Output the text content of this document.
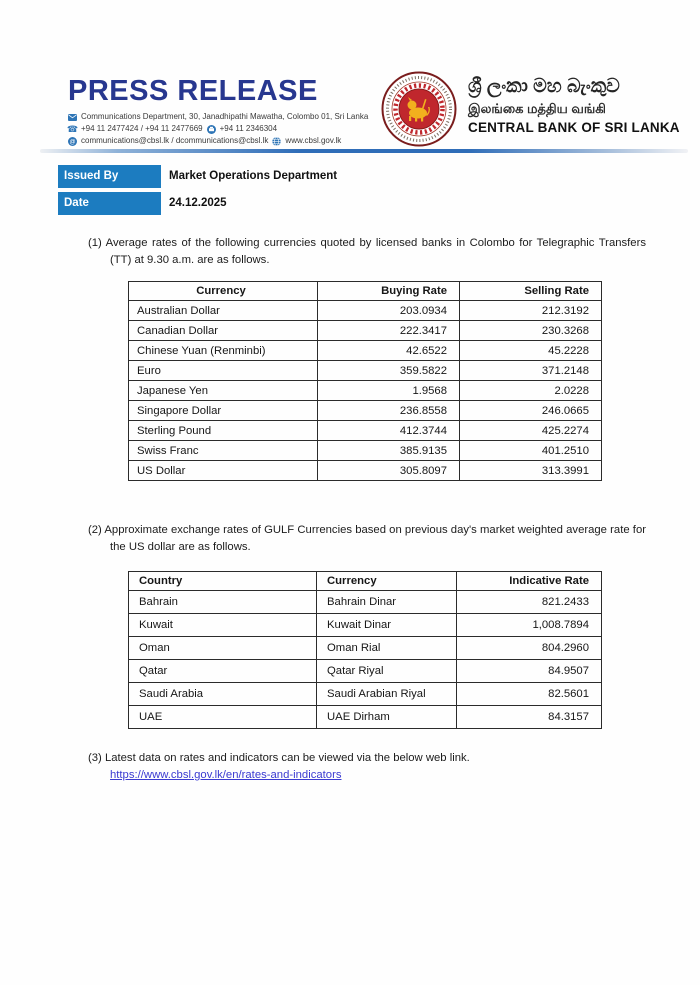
PRESS RELEASE
Communications Department, 30, Janadhipathi Mawatha, Colombo 01, Sri Lanka
☎ +94 11 2477424 / +94 11 2477669 +94 11 2346304
@ communications@cbsl.lk / dcommunications@cbsl.lk www.cbsl.gov.lk
ශ්‍රී ලංකා මහ බැංකුව
இலங்கை மத்திய வங்கி
CENTRAL BANK OF SRI LANKA
Issued By	Market Operations Department
Date	24.12.2025
(1) Average rates of the following currencies quoted by licensed banks in Colombo for Telegraphic Transfers (TT) at 9.30 a.m. are as follows.
Currency	Buying Rate	Selling Rate
Australian Dollar	203.0934	212.3192
Canadian Dollar	222.3417	230.3268
Chinese Yuan (Renminbi)	42.6522	45.2228
Euro	359.5822	371.2148
Japanese Yen	1.9568	2.0228
Singapore Dollar	236.8558	246.0665
Sterling Pound	412.3744	425.2274
Swiss Franc	385.9135	401.2510
US Dollar	305.8097	313.3991
(2) Approximate exchange rates of GULF Currencies based on previous day's market weighted average rate for the US dollar are as follows.
Country	Currency	Indicative Rate
Bahrain	Bahrain Dinar	821.2433
Kuwait	Kuwait Dinar	1,008.7894
Oman	Oman Rial	804.2960
Qatar	Qatar Riyal	84.9507
Saudi Arabia	Saudi Arabian Riyal	82.5601
UAE	UAE Dirham	84.3157
(3) Latest data on rates and indicators can be viewed via the below web link.
https://www.cbsl.gov.lk/en/rates-and-indicators
